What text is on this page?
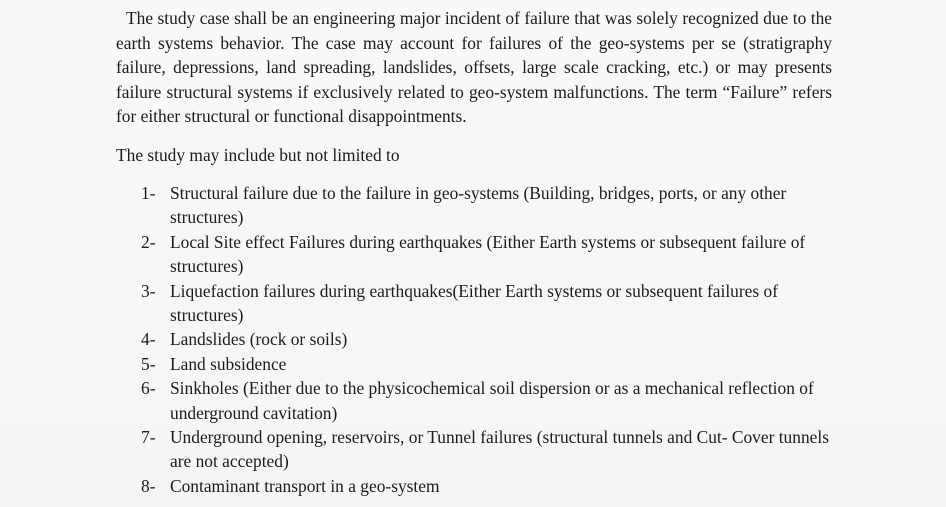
The study case shall be an engineering major incident of failure that was solely recognized due to the earth systems behavior. The case may account for failures of the geo-systems per se (stratigraphy failure, depressions, land spreading, landslides, offsets, large scale cracking, etc.) or may presents failure structural systems if exclusively related to geo-system malfunctions. The term “Failure” refers for either structural or functional disappointments.

The study may include but not limited to

1- Structural failure due to the failure in geo-systems (Building, bridges, ports, or any other structures)
2- Local Site effect Failures during earthquakes (Either Earth systems or subsequent failure of structures)
3- Liquefaction failures during earthquakes(Either Earth systems or subsequent failures of structures)
4- Landslides (rock or soils)
5- Land subsidence
6- Sinkholes (Either due to the physicochemical soil dispersion or as a mechanical reflection of underground cavitation)
7- Underground opening, reservoirs, or Tunnel failures (structural tunnels and Cut- Cover tunnels are not accepted)
8- Contaminant transport in a geo-system
